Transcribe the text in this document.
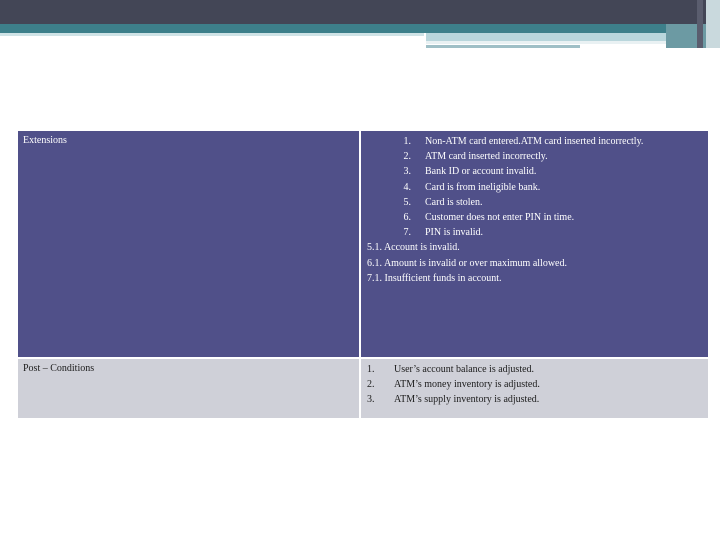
Extensions	1. Non-ATM card entered.ATM card inserted incorrectly.
2. ATM card inserted incorrectly.
3. Bank ID or account invalid.
4. Card is from ineligible bank.
5. Card is stolen.
6. Customer does not enter PIN in time.
7. PIN is invalid.
5.1. Account is invalid.
6.1. Amount is invalid or over maximum allowed.
7.1. Insufficient funds in account.
Post – Conditions	1. User’s account balance is adjusted.
2. ATM’s money inventory is adjusted.
3. ATM’s supply inventory is adjusted.
